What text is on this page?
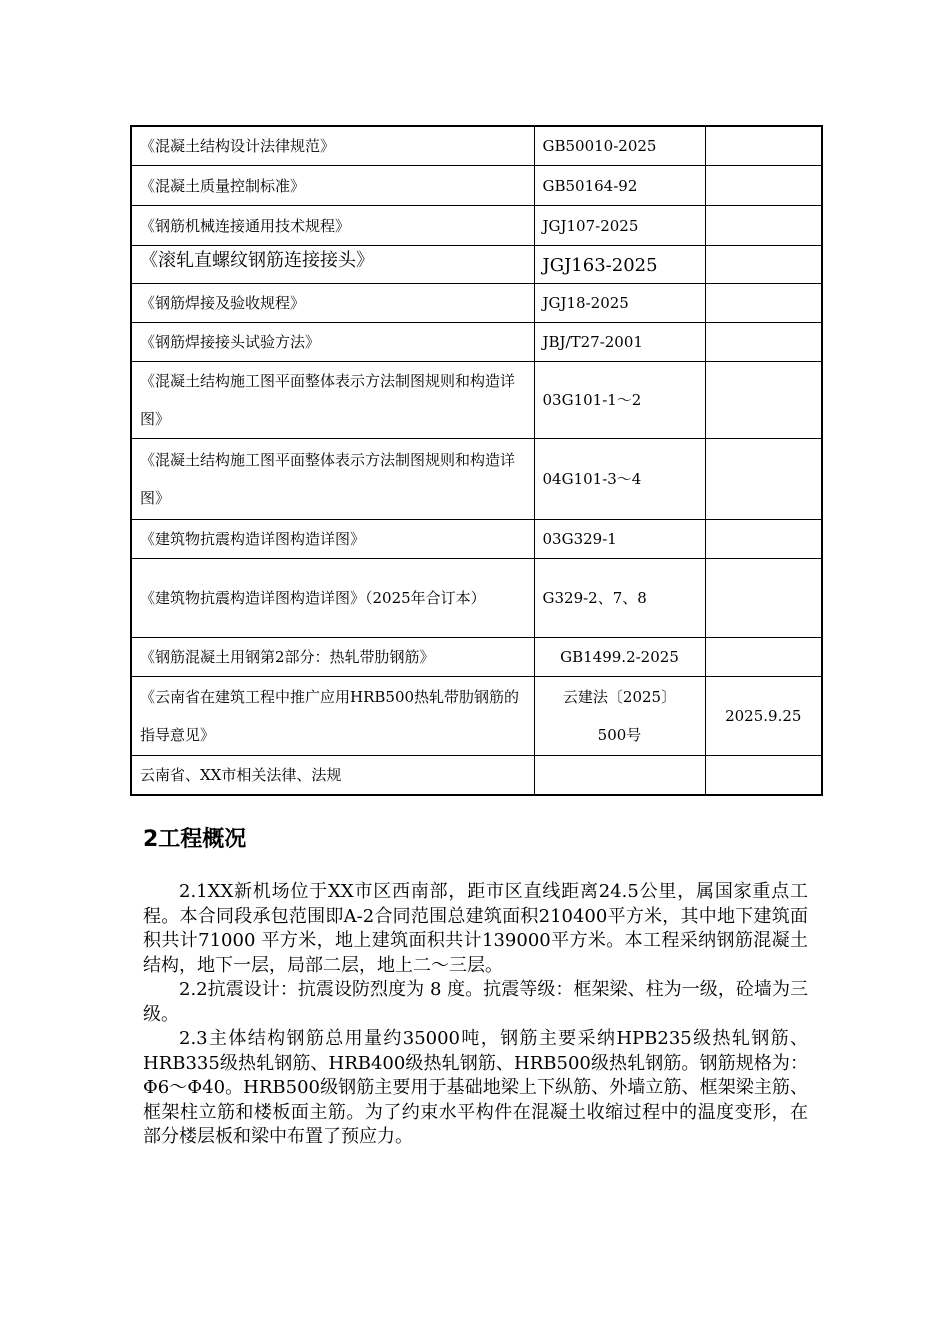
《混凝土结构设计法律规范》	GB50010-2025	
《混凝土质量控制标准》	GB50164-92	
《钢筋机械连接通用技术规程》	JGJ107-2025	
《滚轧直螺纹钢筋连接接头》	JGJ163-2025	
《钢筋焊接及验收规程》	JGJ18-2025	
《钢筋焊接接头试验方法》	JBJ/T27-2001	
《混凝土结构施工图平面整体表示方法制图规则和构造详图》	03G101-1～2	
《混凝土结构施工图平面整体表示方法制图规则和构造详图》	04G101-3～4	
《建筑物抗震构造详图构造详图》	03G329-1	
《建筑物抗震构造详图构造详图》（2025年合订本）	G329-2、7、8	
《钢筋混凝土用钢第2部分：热轧带肋钢筋》	GB1499.2-2025	
《云南省在建筑工程中推广应用HRB500热轧带肋钢筋的指导意见》	云建法〔2025〕500号	2025.9.25
云南省、XX市相关法律、法规		
2工程概况

2.1XX新机场位于XX市区西南部，距市区直线距离24.5公里，属国家重点工程。本合同段承包范围即A-2合同范围总建筑面积210400平方米，其中地下建筑面积共计71000 平方米，地上建筑面积共计139000平方米。本工程采纳钢筋混凝土结构，地下一层，局部二层，地上二～三层。

2.2抗震设计：抗震设防烈度为 8 度。抗震等级：框架梁、柱为一级，砼墙为三级。

2.3主体结构钢筋总用量约35000吨，钢筋主要采纳HPB235级热轧钢筋、HRB335级热轧钢筋、HRB400级热轧钢筋、HRB500级热轧钢筋。钢筋规格为：Φ6～Φ40。HRB500级钢筋主要用于基础地梁上下纵筋、外墙立筋、框架梁主筋、框架柱立筋和楼板面主筋。为了约束水平构件在混凝土收缩过程中的温度变形，在部分楼层板和梁中布置了预应力。
